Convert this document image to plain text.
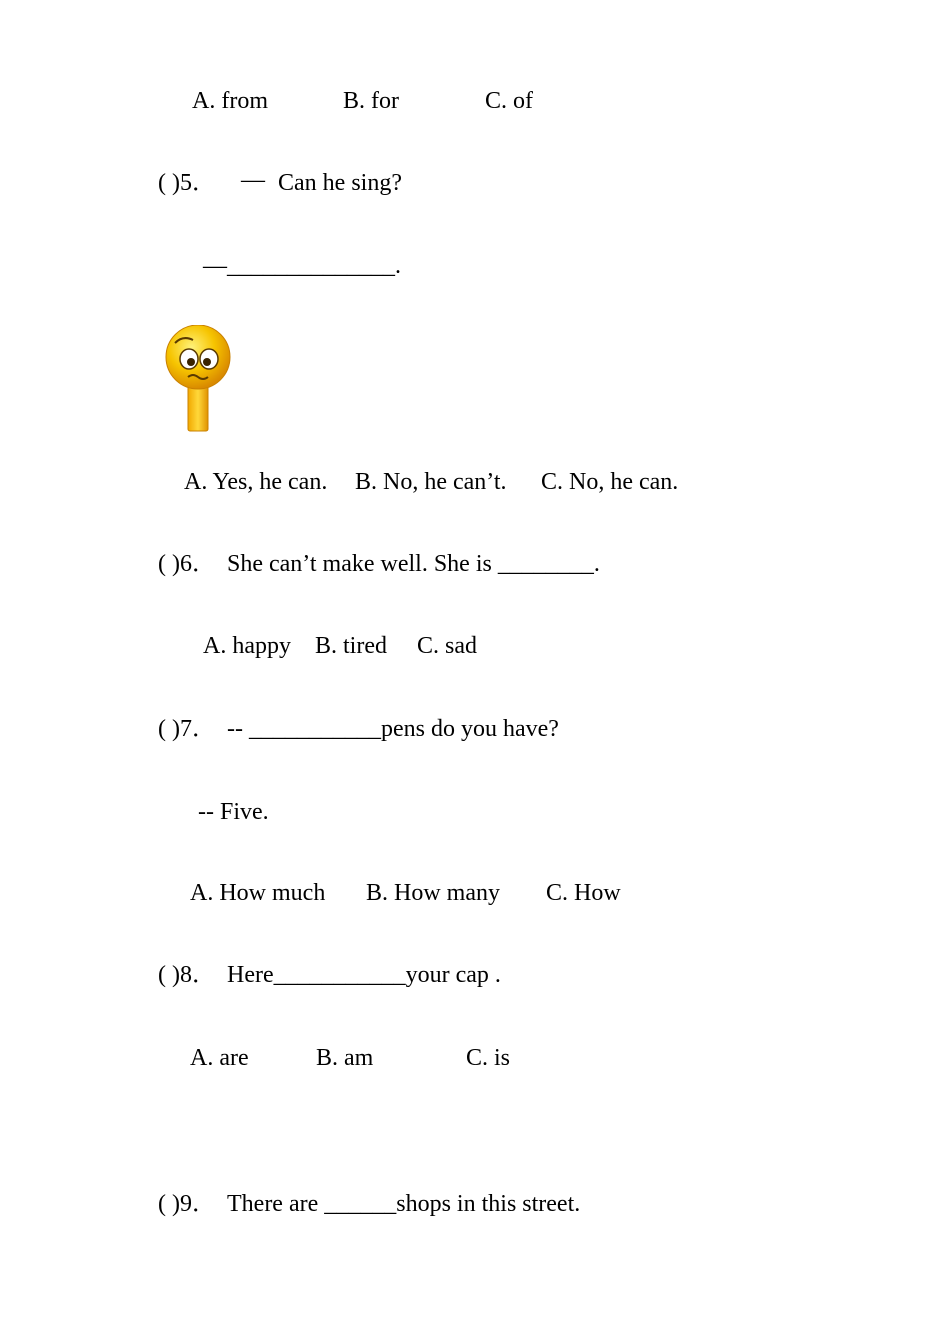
A. from	B. for	C. of
( )5． — Can he sing?
—______________.
A. Yes, he can. B. No, he can’t. C. No, he can.
( )6． She can’t make well. She is ________.
A. happy B. tired C. sad
( )7． -- ___________pens do you have?
-- Five.
A. How much B. How many C. How
( )8． Here___________your cap .
A. are	B. am	C. is
( )9． There are ______shops in this street.
